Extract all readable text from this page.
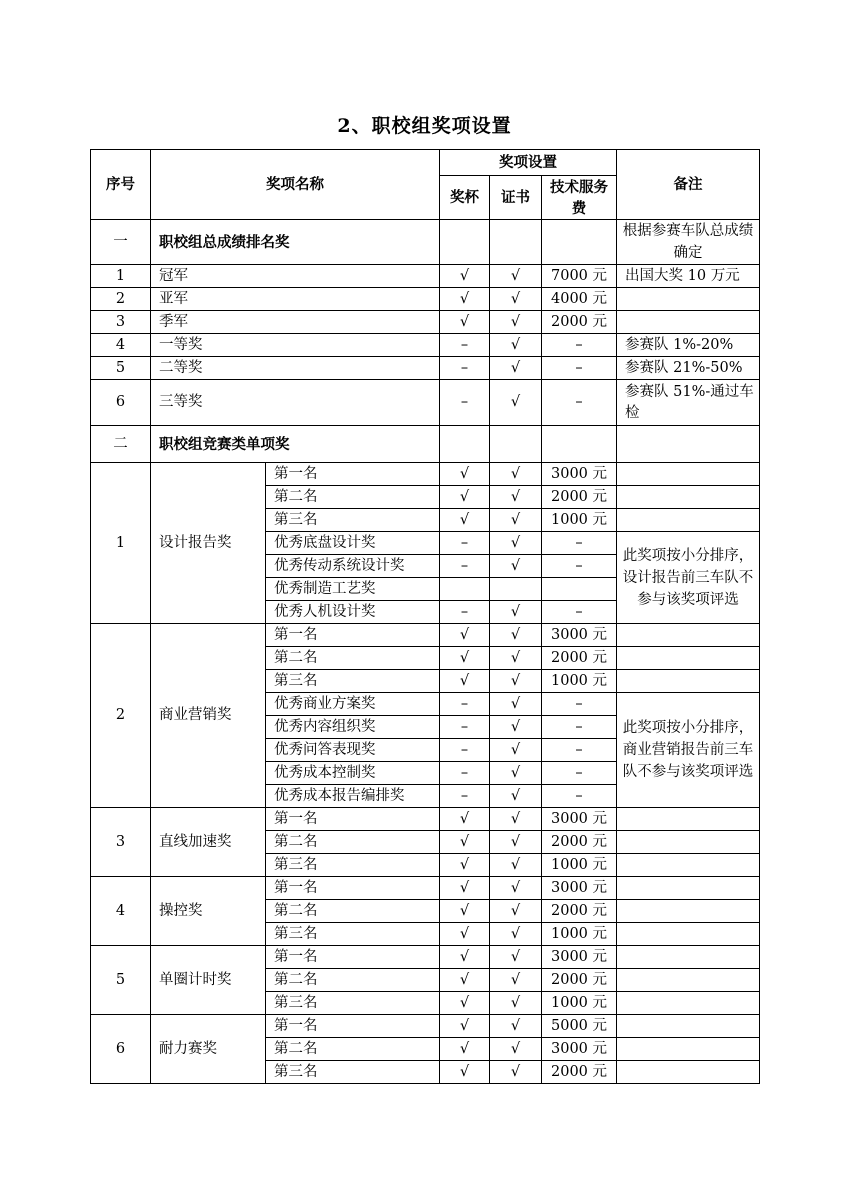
2、职校组奖项设置
序号	奖项名称		奖项设置			备注
			奖杯	证书	技术服务费	
一	职校组总成绩排名奖					根据参赛车队总成绩确定
1	冠军		√	√	7000 元	出国大奖 10 万元
2	亚军		√	√	4000 元	
3	季军		√	√	2000 元	
4	一等奖		–	√	–	参赛队 1%-20%
5	二等奖		–	√	–	参赛队 21%-50%
6	三等奖		–	√	–	参赛队 51%-通过车检
二	职校组竞赛类单项奖					
1	设计报告奖	第一名	√	√	3000 元	
		第二名	√	√	2000 元	
		第三名	√	√	1000 元	
		优秀底盘设计奖	–	√	–	此奖项按小分排序，设计报告前三车队不参与该奖项评选
		优秀传动系统设计奖	–	√	–	
		优秀制造工艺奖				
		优秀人机设计奖	–	√	–	
2	商业营销奖	第一名	√	√	3000 元	
		第二名	√	√	2000 元	
		第三名	√	√	1000 元	
		优秀商业方案奖	–	√	–	此奖项按小分排序，商业营销报告前三车队不参与该奖项评选
		优秀内容组织奖	–	√	–	
		优秀问答表现奖	–	√	–	
		优秀成本控制奖	–	√	–	
		优秀成本报告编排奖	–	√	–	
3	直线加速奖	第一名	√	√	3000 元	
		第二名	√	√	2000 元	
		第三名	√	√	1000 元	
4	操控奖	第一名	√	√	3000 元	
		第二名	√	√	2000 元	
		第三名	√	√	1000 元	
5	单圈计时奖	第一名	√	√	3000 元	
		第二名	√	√	2000 元	
		第三名	√	√	1000 元	
6	耐力赛奖	第一名	√	√	5000 元	
		第二名	√	√	3000 元	
		第三名	√	√	2000 元	
